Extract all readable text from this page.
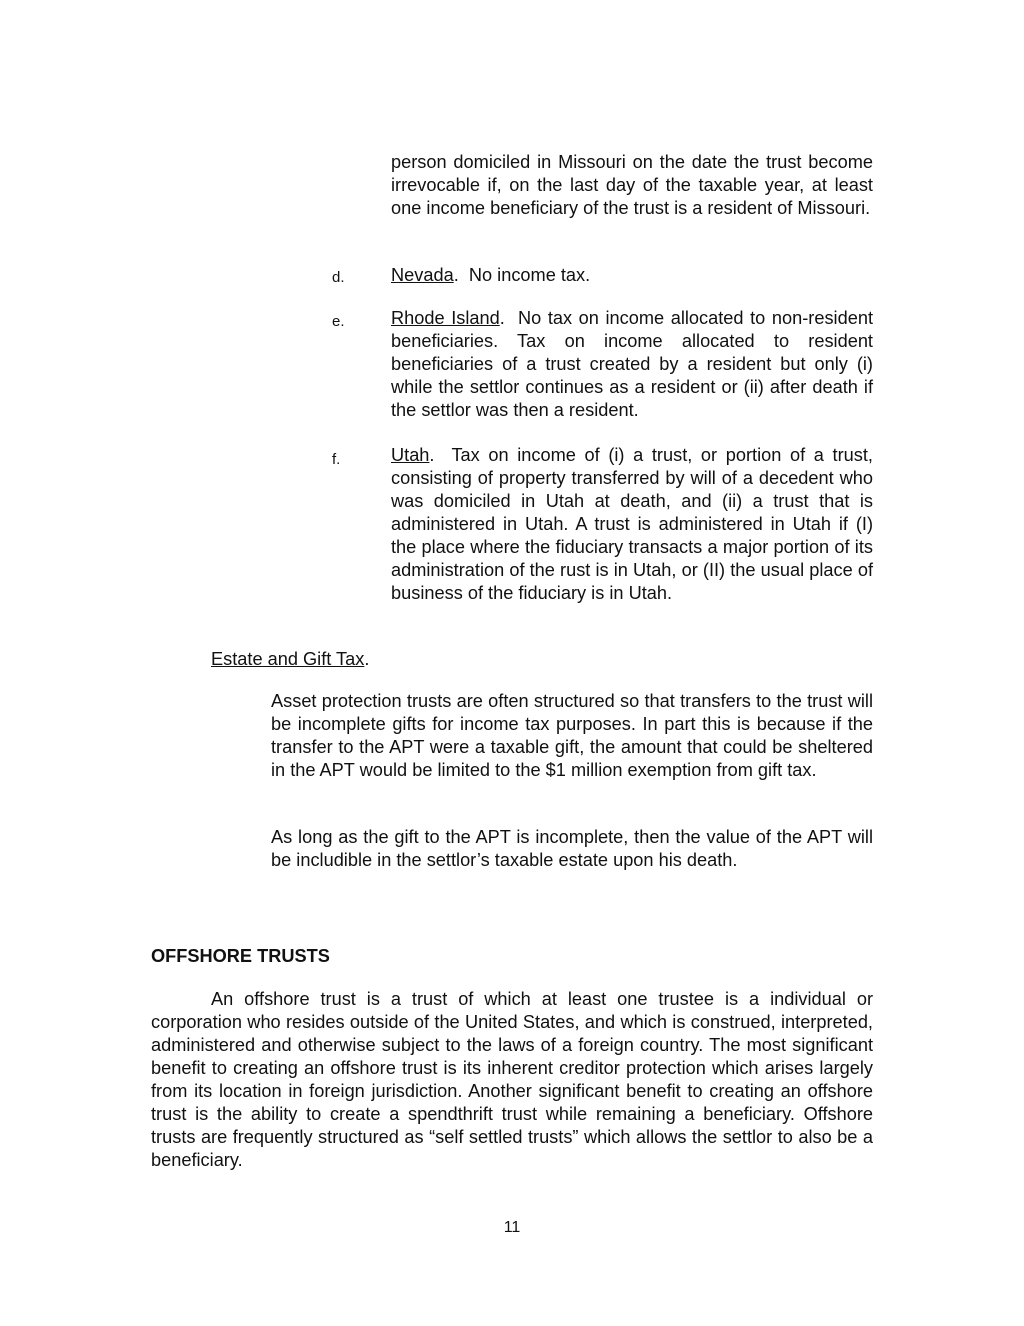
person domiciled in Missouri on the date the trust become irrevocable if, on the last day of the taxable year, at least one income beneficiary of the trust is a resident of Missouri.

d.	Nevada.  No income tax.

e.	Rhode Island.  No tax on income allocated to non-resident beneficiaries. Tax on income allocated to resident beneficiaries of a trust created by a resident but only (i) while the settlor continues as a resident or (ii) after death if the settlor was then a resident.

f.	Utah.  Tax on income of (i) a trust, or portion of a trust, consisting of property transferred by will of a decedent who was domiciled in Utah at death, and (ii) a trust that is administered in Utah. A trust is administered in Utah if (I) the place where the fiduciary transacts a major portion of its administration of the rust is in Utah, or (II) the usual place of business of the fiduciary is in Utah.

Estate and Gift Tax.

Asset protection trusts are often structured so that transfers to the trust will be incomplete gifts for income tax purposes. In part this is because if the transfer to the APT were a taxable gift, the amount that could be sheltered in the APT would be limited to the $1 million exemption from gift tax.

As long as the gift to the APT is incomplete, then the value of the APT will be includible in the settlor’s taxable estate upon his death.

OFFSHORE TRUSTS

An offshore trust is a trust of which at least one trustee is a individual or corporation who resides outside of the United States, and which is construed, interpreted, administered and otherwise subject to the laws of a foreign country. The most significant benefit to creating an offshore trust is its inherent creditor protection which arises largely from its location in foreign jurisdiction. Another significant benefit to creating an offshore trust is the ability to create a spendthrift trust while remaining a beneficiary. Offshore trusts are frequently structured as “self settled trusts” which allows the settlor to also be a beneficiary.

11
